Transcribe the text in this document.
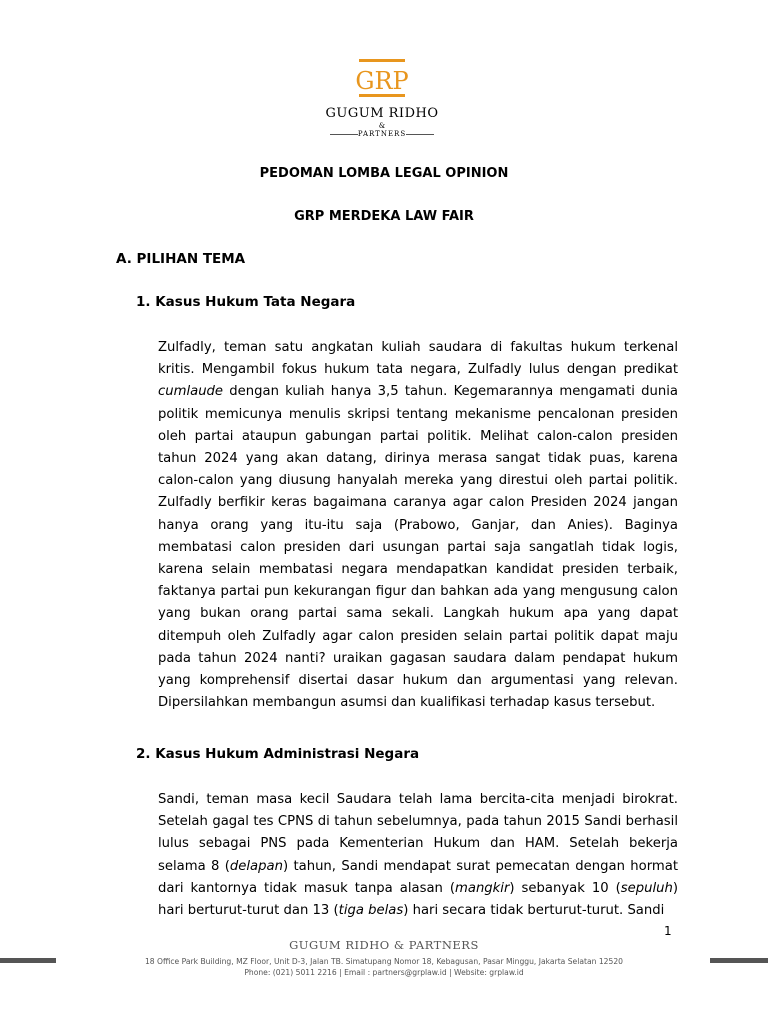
GRP
GUGUM RIDHO
&
PARTNERS
PEDOMAN LOMBA LEGAL OPINION
GRP MERDEKA LAW FAIR
A. PILIHAN TEMA
1. Kasus Hukum Tata Negara
Zulfadly, teman satu angkatan kuliah saudara di fakultas hukum terkenal kritis. Mengambil fokus hukum tata negara, Zulfadly lulus dengan predikat cumlaude dengan kuliah hanya 3,5 tahun. Kegemarannya mengamati dunia politik memicunya menulis skripsi tentang mekanisme pencalonan presiden oleh partai ataupun gabungan partai politik. Melihat calon-calon presiden tahun 2024 yang akan datang, dirinya merasa sangat tidak puas, karena calon-calon yang diusung hanyalah mereka yang direstui oleh partai politik. Zulfadly berfikir keras bagaimana caranya agar calon Presiden 2024 jangan hanya orang yang itu-itu saja (Prabowo, Ganjar, dan Anies). Baginya membatasi calon presiden dari usungan partai saja sangatlah tidak logis, karena selain membatasi negara mendapatkan kandidat presiden terbaik, faktanya partai pun kekurangan figur dan bahkan ada yang mengusung calon yang bukan orang partai sama sekali. Langkah hukum apa yang dapat ditempuh oleh Zulfadly agar calon presiden selain partai politik dapat maju pada tahun 2024 nanti? uraikan gagasan saudara dalam pendapat hukum yang komprehensif disertai dasar hukum dan argumentasi yang relevan. Dipersilahkan membangun asumsi dan kualifikasi terhadap kasus tersebut.
2. Kasus Hukum Administrasi Negara
Sandi, teman masa kecil Saudara telah lama bercita-cita menjadi birokrat. Setelah gagal tes CPNS di tahun sebelumnya, pada tahun 2015 Sandi berhasil lulus sebagai PNS pada Kementerian Hukum dan HAM. Setelah bekerja selama 8 (delapan) tahun, Sandi mendapat surat pemecatan dengan hormat dari kantornya tidak masuk tanpa alasan (mangkir) sebanyak 10 (sepuluh) hari berturut-turut dan 13 (tiga belas) hari secara tidak berturut-turut. Sandi
1
GUGUM RIDHO & PARTNERS
18 Office Park Building, MZ Floor, Unit D-3, Jalan TB. Simatupang Nomor 18, Kebagusan, Pasar Minggu, Jakarta Selatan 12520
Phone: (021) 5011 2216 | Email : partners@grplaw.id | Website: grplaw.id
